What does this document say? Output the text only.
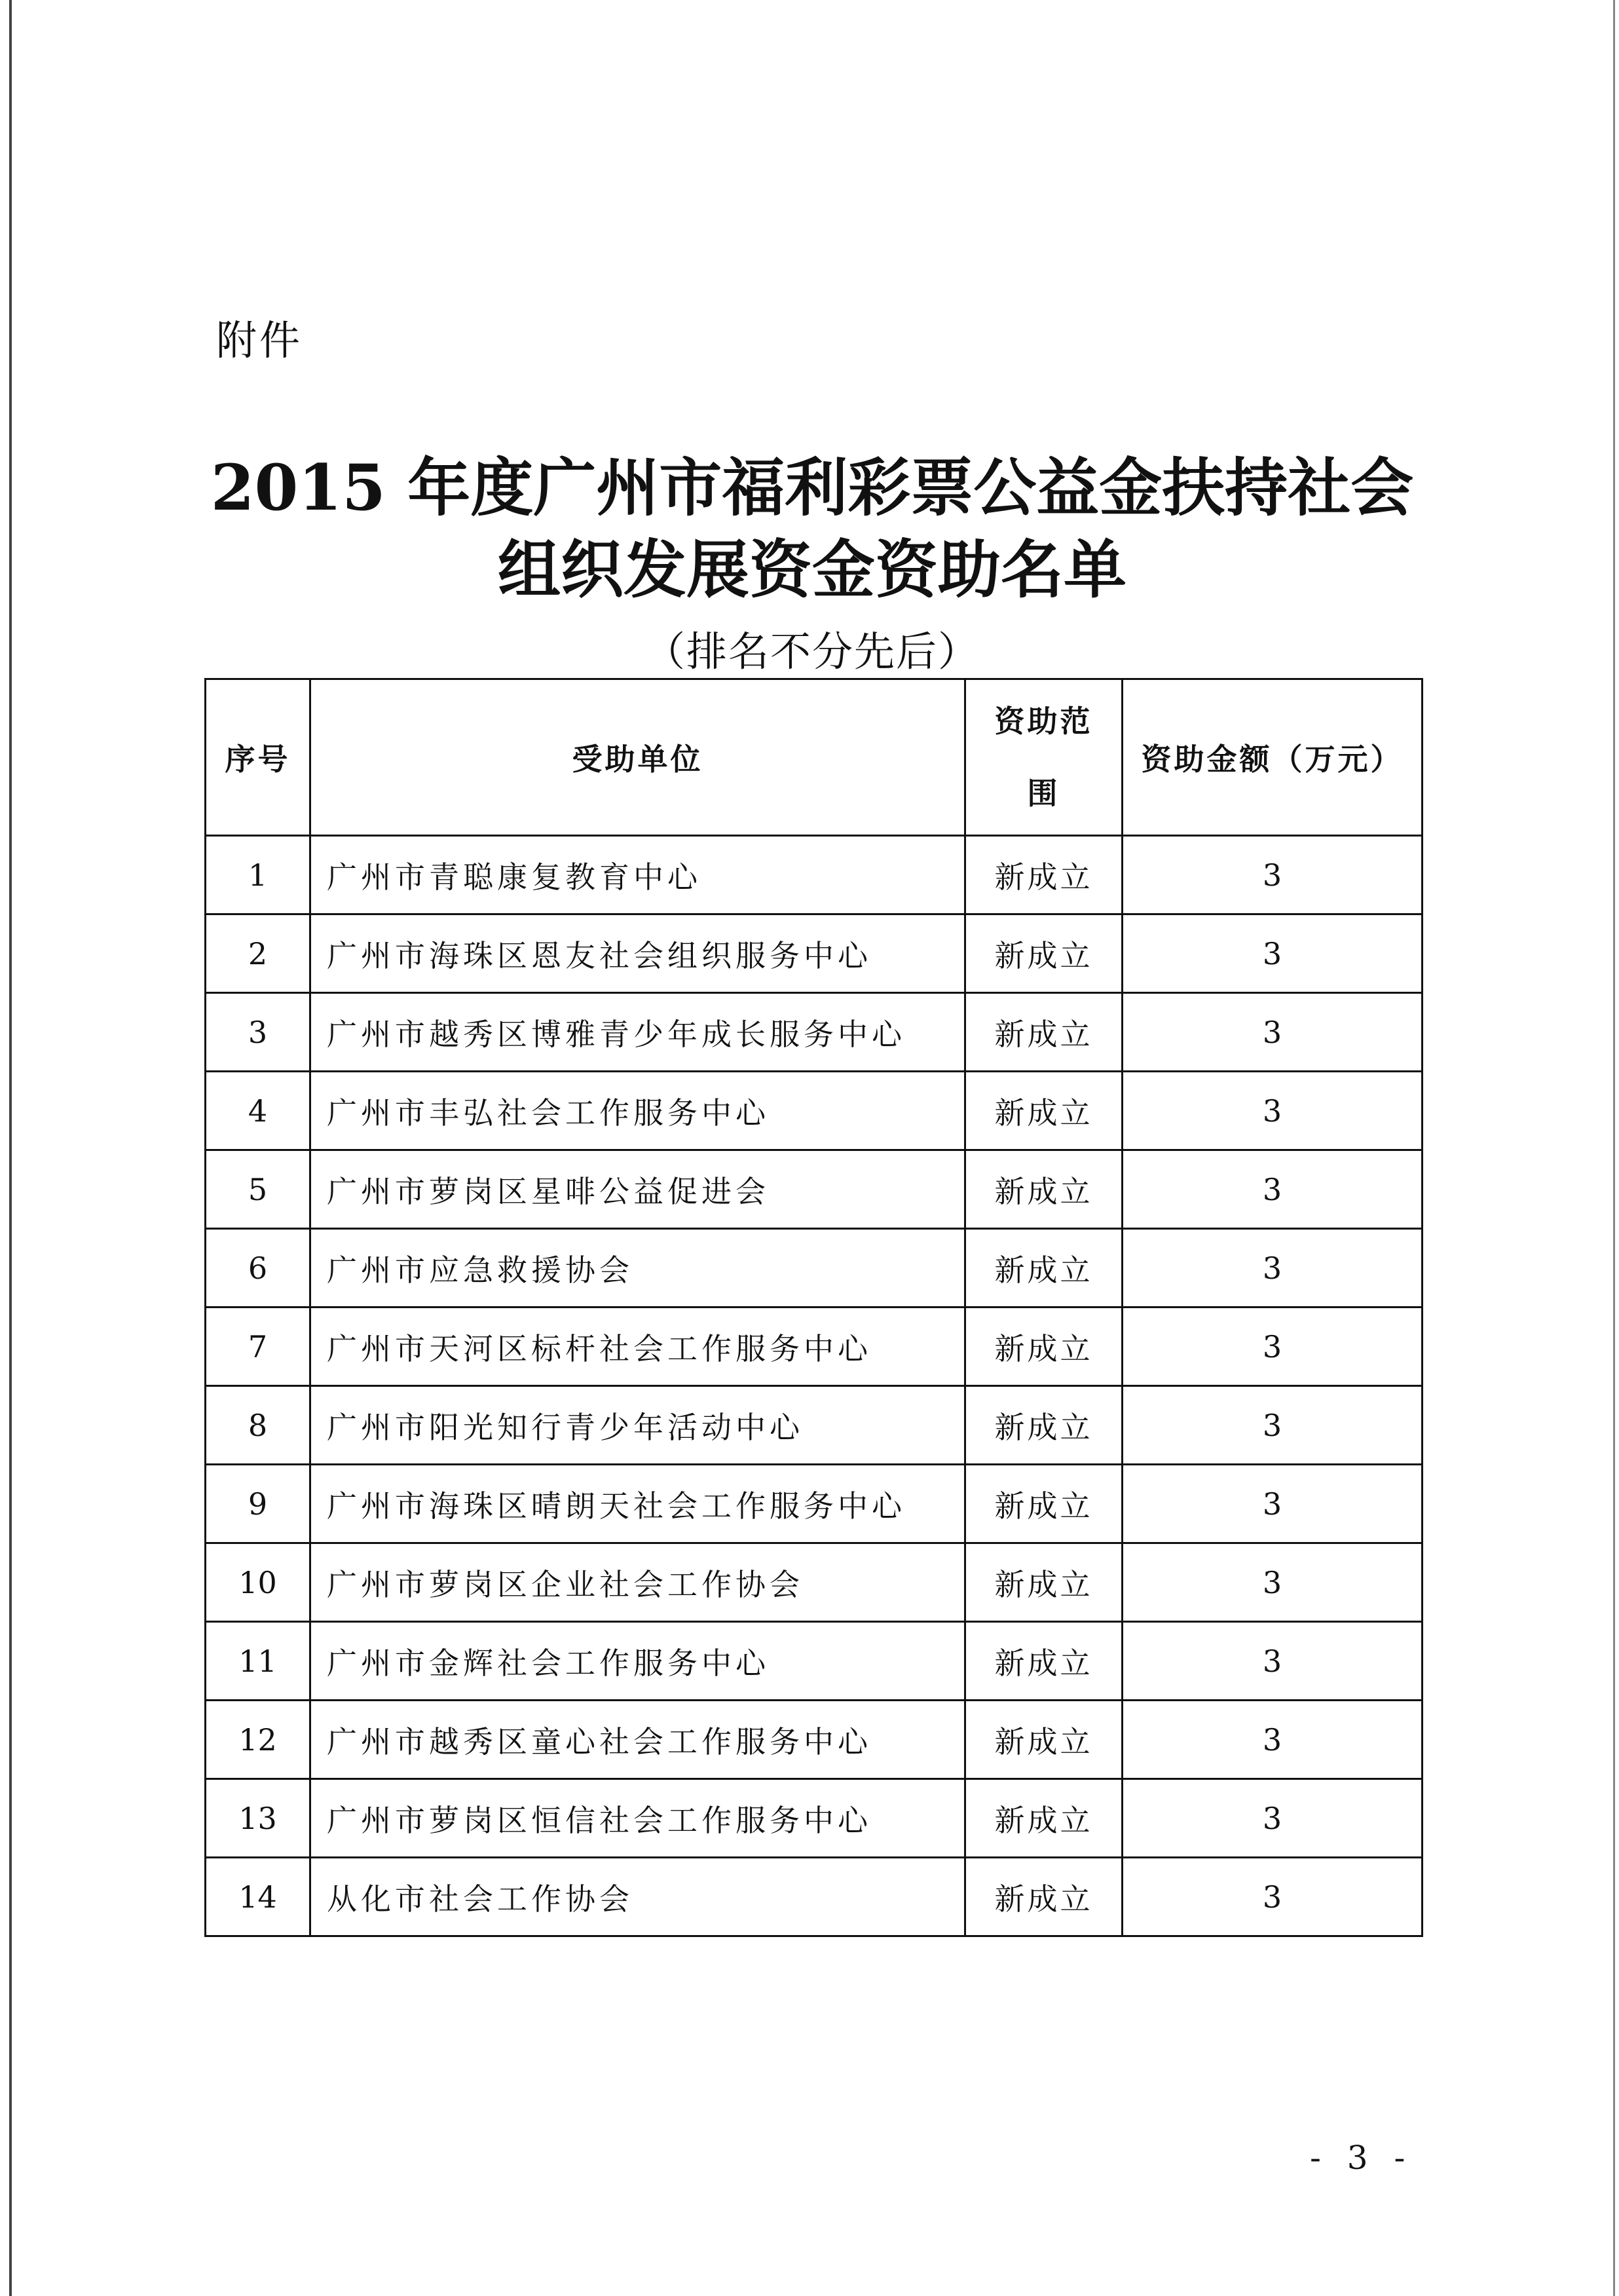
附件
2015 年度广州市福利彩票公益金扶持社会
组织发展资金资助名单
（排名不分先后）
序号	受助单位	资助范围	资助金额（万元）
1	广州市青聪康复教育中心	新成立	3
2	广州市海珠区恩友社会组织服务中心	新成立	3
3	广州市越秀区博雅青少年成长服务中心	新成立	3
4	广州市丰弘社会工作服务中心	新成立	3
5	广州市萝岗区星啡公益促进会	新成立	3
6	广州市应急救援协会	新成立	3
7	广州市天河区标杆社会工作服务中心	新成立	3
8	广州市阳光知行青少年活动中心	新成立	3
9	广州市海珠区晴朗天社会工作服务中心	新成立	3
10	广州市萝岗区企业社会工作协会	新成立	3
11	广州市金辉社会工作服务中心	新成立	3
12	广州市越秀区童心社会工作服务中心	新成立	3
13	广州市萝岗区恒信社会工作服务中心	新成立	3
14	从化市社会工作协会	新成立	3
- 3 -
